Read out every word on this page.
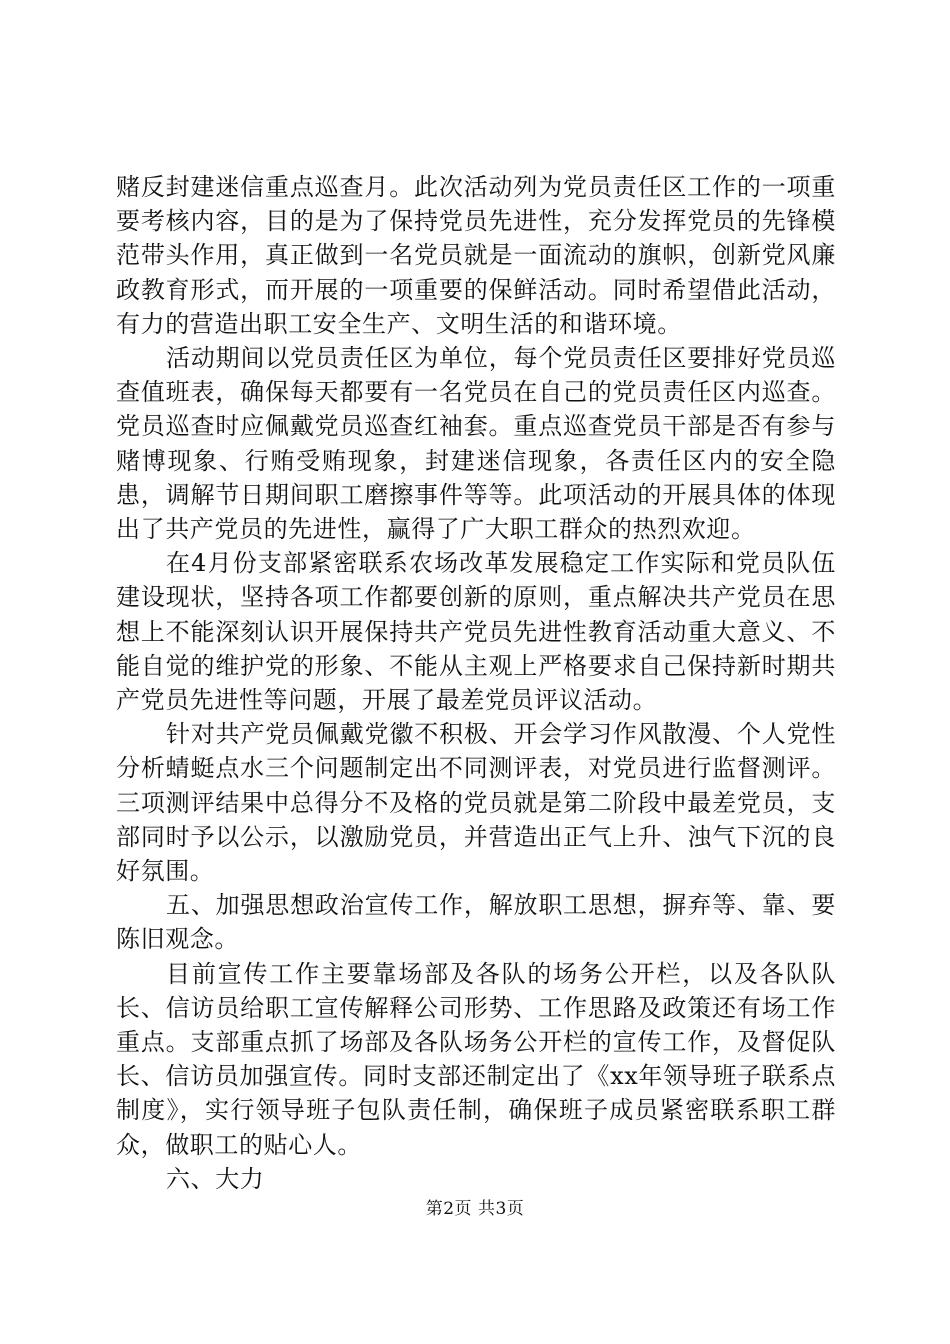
赌反封建迷信重点巡查月。此次活动列为党员责任区工作的一项重要考核内容，目的是为了保持党员先进性，充分发挥党员的先锋模范带头作用，真正做到一名党员就是一面流动的旗帜，创新党风廉政教育形式，而开展的一项重要的保鲜活动。同时希望借此活动，有力的营造出职工安全生产、文明生活的和谐环境。

活动期间以党员责任区为单位，每个党员责任区要排好党员巡查值班表，确保每天都要有一名党员在自己的党员责任区内巡查。党员巡查时应佩戴党员巡查红袖套。重点巡查党员干部是否有参与赌博现象、行贿受贿现象，封建迷信现象，各责任区内的安全隐患，调解节日期间职工磨擦事件等等。此项活动的开展具体的体现出了共产党员的先进性，赢得了广大职工群众的热烈欢迎。

在4月份支部紧密联系农场改革发展稳定工作实际和党员队伍建设现状，坚持各项工作都要创新的原则，重点解决共产党员在思想上不能深刻认识开展保持共产党员先进性教育活动重大意义、不能自觉的维护党的形象、不能从主观上严格要求自己保持新时期共产党员先进性等问题，开展了最差党员评议活动。

针对共产党员佩戴党徽不积极、开会学习作风散漫、个人党性分析蜻蜓点水三个问题制定出不同测评表，对党员进行监督测评。三项测评结果中总得分不及格的党员就是第二阶段中最差党员，支部同时予以公示，以激励党员，并营造出正气上升、浊气下沉的良好氛围。

五、加强思想政治宣传工作，解放职工思想，摒弃等、靠、要陈旧观念。

目前宣传工作主要靠场部及各队的场务公开栏，以及各队队长、信访员给职工宣传解释公司形势、工作思路及政策还有场工作重点。支部重点抓了场部及各队场务公开栏的宣传工作，及督促队长、信访员加强宣传。同时支部还制定出了《xx年领导班子联系点制度》，实行领导班子包队责任制，确保班子成员紧密联系职工群众，做职工的贴心人。

六、大力

第2页 共3页
